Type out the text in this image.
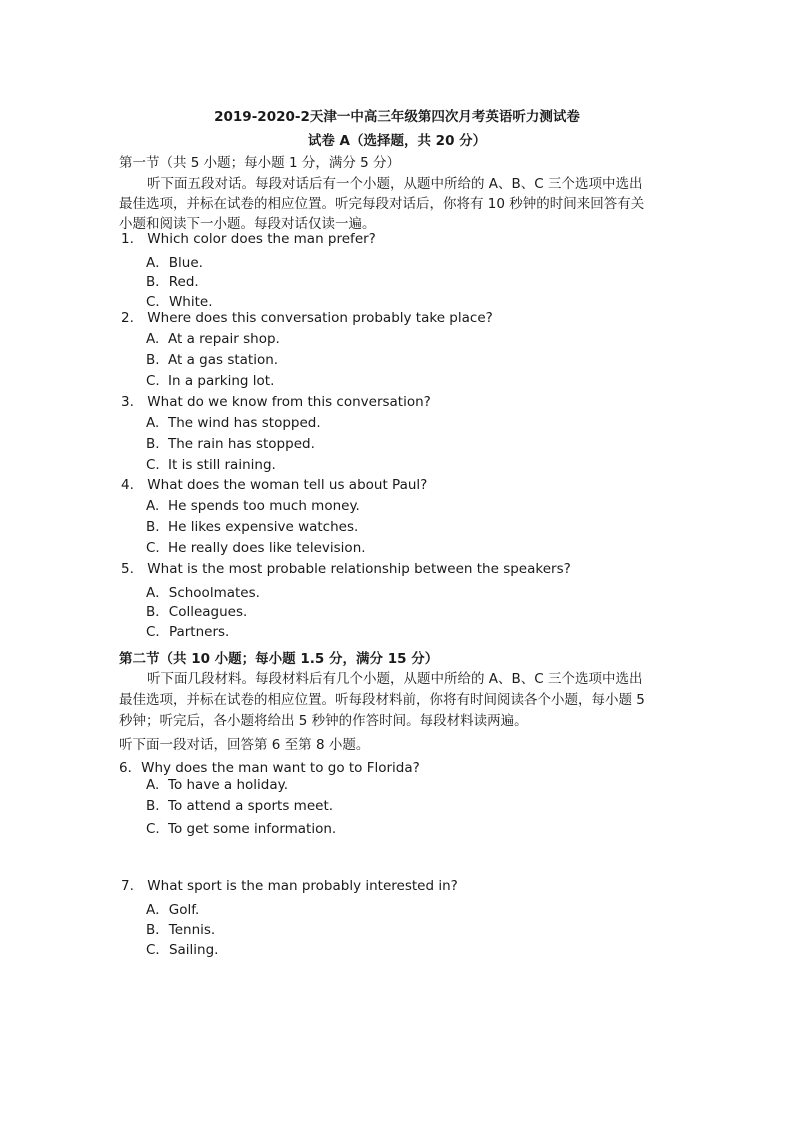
2019-2020-2天津一中高三年级第四次月考英语听力测试卷
试卷 A（选择题，共 20 分）
第一节（共 5 小题；每小题 1 分，满分 5 分）
听下面五段对话。每段对话后有一个小题，从题中所给的 A、B、C 三个选项中选出
最佳选项，并标在试卷的相应位置。听完每段对话后，你将有 10 秒钟的时间来回答有关
小题和阅读下一小题。每段对话仅读一遍。
1. Which color does the man prefer?
A．Blue.
B．Red.
C．White.
2. Where does this conversation probably take place?
A. At a repair shop.
B. At a gas station.
C. In a parking lot.
3. What do we know from this conversation?
A. The wind has stopped.
B. The rain has stopped.
C. It is still raining.
4. What does the woman tell us about Paul?
A. He spends too much money.
B. He likes expensive watches.
C. He really does like television.
5. What is the most probable relationship between the speakers?
A．Schoolmates.
B．Colleagues.
C．Partners.
第二节（共 10 小题；每小题 1.5 分，满分 15 分）
听下面几段材料。每段材料后有几个小题，从题中所给的 A、B、C 三个选项中选出
最佳选项，并标在试卷的相应位置。听每段材料前，你将有时间阅读各个小题，每小题 5
秒钟；听完后，各小题将给出 5 秒钟的作答时间。每段材料读两遍。
听下面一段对话，回答第 6 至第 8 小题。
6．Why does the man want to go to Florida?
A. To have a holiday.
B. To attend a sports meet.
C. To get some information.
7. What sport is the man probably interested in?
A．Golf.
B．Tennis.
C．Sailing.
